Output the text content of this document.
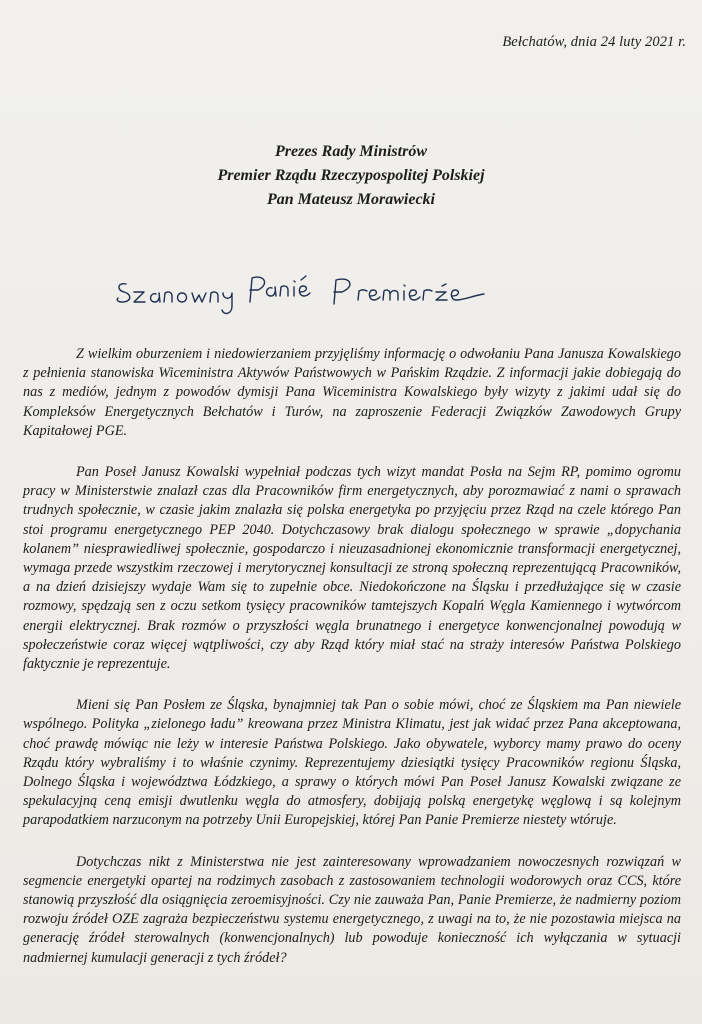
Bełchatów, dnia 24 luty 2021 r.
Prezes Rady Ministrów
Premier Rządu Rzeczypospolitej Polskiej
Pan Mateusz Morawiecki

Z wielkim oburzeniem i niedowierzaniem przyjęliśmy informację o odwołaniu Pana Janusza Kowalskiego z pełnienia stanowiska Wiceministra Aktywów Państwowych w Pańskim Rządzie. Z informacji jakie dobiegają do nas z mediów, jednym z powodów dymisji Pana Wiceministra Kowalskiego były wizyty z jakimi udał się do Kompleksów Energetycznych Bełchatów i Turów, na zaproszenie Federacji Związków Zawodowych Grupy Kapitałowej PGE.

Pan Poseł Janusz Kowalski wypełniał podczas tych wizyt mandat Posła na Sejm RP, pomimo ogromu pracy w Ministerstwie znalazł czas dla Pracowników firm energetycznych, aby porozmawiać z nami o sprawach trudnych społecznie, w czasie jakim znalazła się polska energetyka po przyjęciu przez Rząd na czele którego Pan stoi programu energetycznego PEP 2040. Dotychczasowy brak dialogu społecznego w sprawie „dopychania kolanem” niesprawiedliwej społecznie, gospodarczo i nieuzasadnionej ekonomicznie transformacji energetycznej, wymaga przede wszystkim rzeczowej i merytorycznej konsultacji ze stroną społeczną reprezentującą Pracowników, a na dzień dzisiejszy wydaje Wam się to zupełnie obce. Niedokończone na Śląsku i przedłużające się w czasie rozmowy, spędzają sen z oczu setkom tysięcy pracowników tamtejszych Kopalń Węgla Kamiennego i wytwórcom energii elektrycznej. Brak rozmów o przyszłości węgla brunatnego i energetyce konwencjonalnej powodują w społeczeństwie coraz więcej wątpliwości, czy aby Rząd który miał stać na straży interesów Państwa Polskiego faktycznie je reprezentuje.

Mieni się Pan Posłem ze Śląska, bynajmniej tak Pan o sobie mówi, choć ze Śląskiem ma Pan niewiele wspólnego. Polityka „zielonego ładu” kreowana przez Ministra Klimatu, jest jak widać przez Pana akceptowana, choć prawdę mówiąc nie leży w interesie Państwa Polskiego. Jako obywatele, wyborcy mamy prawo do oceny Rządu który wybraliśmy i to właśnie czynimy. Reprezentujemy dziesiątki tysięcy Pracowników regionu Śląska, Dolnego Śląska i województwa Łódzkiego, a sprawy o których mówi Pan Poseł Janusz Kowalski związane ze spekulacyjną ceną emisji dwutlenku węgla do atmosfery, dobijają polską energetykę węglową i są kolejnym parapodatkiem narzuconym na potrzeby Unii Europejskiej, której Pan Panie Premierze niestety wtóruje.

Dotychczas nikt z Ministerstwa nie jest zainteresowany wprowadzaniem nowoczesnych rozwiązań w segmencie energetyki opartej na rodzimych zasobach z zastosowaniem technologii wodorowych oraz CCS, które stanowią przyszłość dla osiągnięcia zeroemisyjności. Czy nie zauważa Pan, Panie Premierze, że nadmierny poziom rozwoju źródeł OZE zagraża bezpieczeństwu systemu energetycznego, z uwagi na to, że nie pozostawia miejsca na generację źródeł sterowalnych (konwencjonalnych) lub powoduje konieczność ich wyłączania w sytuacji nadmiernej kumulacji generacji z tych źródeł?
